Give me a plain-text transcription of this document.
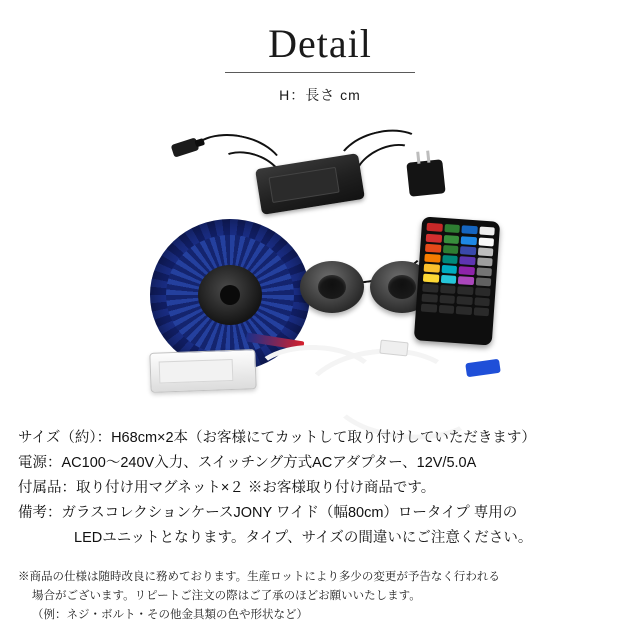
Detail
H：長さ cm
サイズ（約）：H68cm×2本（お客様にてカットして取り付けしていただきます）
電源：AC100〜240V入力、スイッチング方式ACアダプター、12V/5.0A
付属品：取り付け用マグネット×２ ※お客様取り付け商品です。
備考：ガラスコレクションケースJONY ワイド（幅80cm）ロータイプ 専用の
LEDユニットとなります。タイプ、サイズの間違いにご注意ください。
※商品の仕様は随時改良に務めております。生産ロットにより多少の変更が予告なく行われる
場合がございます。リピートご注文の際はご了承のほどお願いいたします。
（例：ネジ・ボルト・その他金具類の色や形状など）
